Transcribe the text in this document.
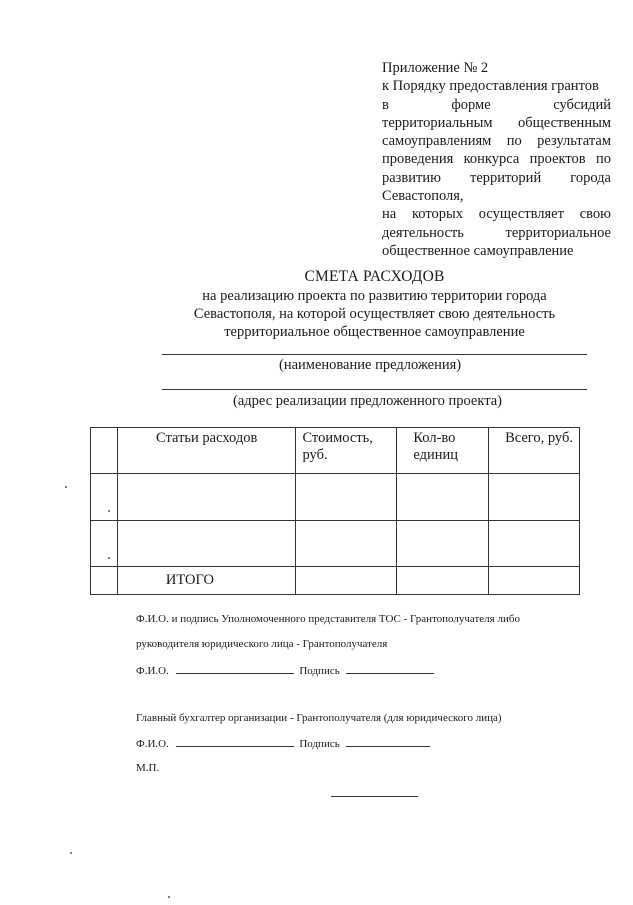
Приложение № 2
к Порядку предоставления грантов
в форме субсидий
территориальным общественным
самоуправлениям по результатам
проведения конкурса проектов по
развитию территорий города
Севастополя,
на которых осуществляет свою
деятельность территориальное
общественное самоуправление
СМЕТА РАСХОДОВ
на реализацию проекта по развитию территории города
Севастополя, на которой осуществляет свою деятельность
территориальное общественное самоуправление
(наименование предложения)
(адрес реализации предложенного проекта)
	Статьи расходов	Стоимость, руб.	Кол-во единиц	Всего, руб.

	ИТОГО			
Ф.И.О. и подпись Уполномоченного представителя ТОС - Грантополучателя либо
руководителя юридического лица - Грантополучателя
Ф.И.О.	Подпись
Главный бухгалтер организации - Грантополучателя (для юридического лица)
Ф.И.О.	Подпись
М.П.
